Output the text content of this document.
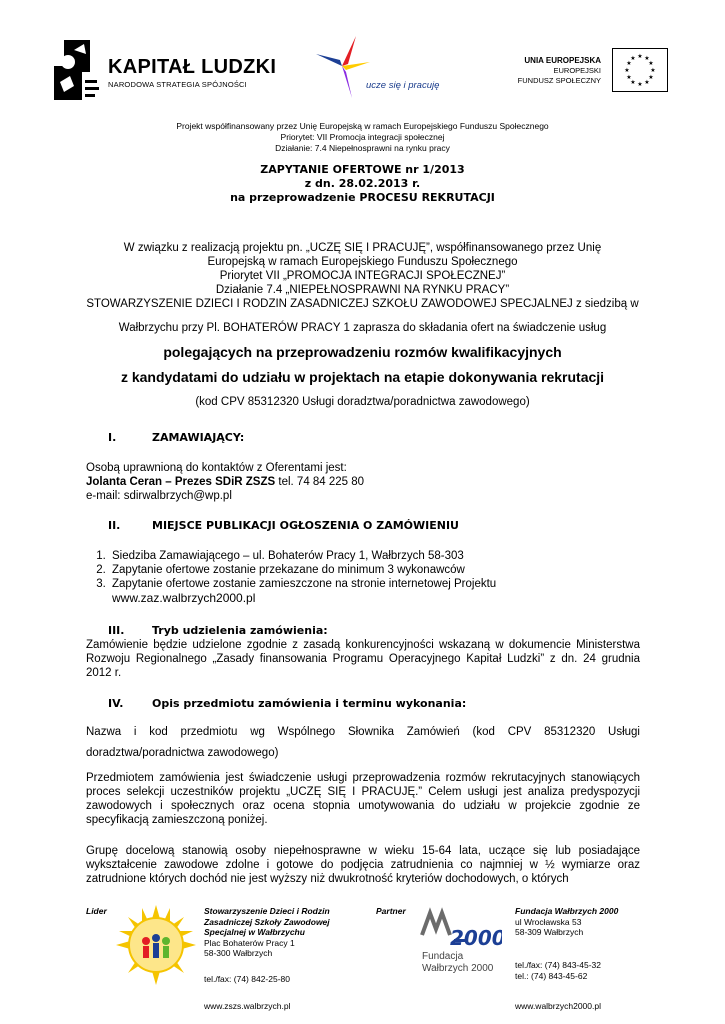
KAPITAŁ LUDZKI
NARODOWA STRATEGIA SPÓJNOŚCI	ucze się i pracuję
UNIA EUROPEJSKA
EUROPEJSKI
FUNDUSZ SPOŁECZNY
★ ★
★
★
★
★
★
★
★
★
★
★
Projekt współfinansowany przez Unię Europejską w ramach Europejskiego Funduszu Społecznego
Priorytet: VII Promocja integracji społecznej
Działanie: 7.4 Niepełnosprawni na rynku pracy
ZAPYTANIE OFERTOWE nr 1/2013
z dn. 28.02.2013 r.
na przeprowadzenie PROCESU REKRUTACJI
W związku z realizacją projektu pn. „UCZĘ SIĘ I PRACUJĘ”, współfinansowanego przez Unię
Europejską w ramach Europejskiego Funduszu Społecznego
Priorytet VII „PROMOCJA INTEGRACJI SPOŁECZNEJ”
Działanie 7.4 „NIEPEŁNOSPRAWNI NA RYNKU PRACY”
STOWARZYSZENIE DZIECI I RODZIN ZASADNICZEJ SZKOŁU ZAWODOWEJ SPECJALNEJ z siedzibą w
Wałbrzychu przy Pl. BOHATERÓW PRACY 1 zaprasza do składania ofert na świadczenie usług
polegających na przeprowadzeniu rozmów kwalifikacyjnych
z kandydatami do udziału w projektach na etapie dokonywania rekrutacji
(kod CPV 85312320 Usługi doradztwa/poradnictwa zawodowego)
I.	ZAMAWIAJĄCY:
Osobą uprawnioną do kontaktów z Oferentami jest:
Jolanta Ceran – Prezes SDiR ZSZS tel. 74 84 225 80
e-mail: sdirwalbrzych@wp.pl
II.	MIEJSCE PUBLIKACJI OGŁOSZENIA O ZAMÓWIENIU
1. Siedziba Zamawiającego – ul. Bohaterów Pracy 1, Wałbrzych 58-303
2. Zapytanie ofertowe zostanie przekazane do minimum 3 wykonawców
3. Zapytanie ofertowe zostanie zamieszczone na stronie internetowej Projektu
www.zaz.walbrzych2000.pl
III.	Tryb udzielenia zamówienia:
Zamówienie będzie udzielone zgodnie z zasadą konkurencyjności wskazaną w dokumencie Ministerstwa Rozwoju Regionalnego „Zasady finansowania Programu Operacyjnego Kapitał Ludzki” z dn. 24 grudnia 2012 r.
IV.	Opis przedmiotu zamówienia i terminu wykonania:
Nazwa i kod przedmiotu wg Wspólnego Słownika Zamówień (kod CPV 85312320 Usługi
doradztwa/poradnictwa zawodowego)
Przedmiotem zamówienia jest świadczenie usługi przeprowadzenia rozmów rekrutacyjnych stanowiących proces selekcji uczestników projektu „UCZĘ SIĘ I PRACUJĘ.” Celem usługi jest analiza predyspozycji zawodowych i społecznych oraz ocena stopnia umotywowania do udziału w projekcie zgodnie ze specyfikacją zamieszczoną poniżej.
Grupę docelową stanowią osoby niepełnosprawne w wieku 15-64 lata, uczące się lub posiadające wykształcenie zawodowe zdolne i gotowe do podjęcia zatrudnienia co najmniej w ½ wymiarze oraz zatrudnione których dochód nie jest wyższy niż dwukrotność kryteriów dochodowych, o których
Lider	Stowarzyszenie Dzieci i Rodzin
Zasadniczej Szkoły Zawodowej
Specjalnej w Wałbrzychu
Plac Bohaterów Pracy 1
58-300 Wałbrzych
tel./fax: (74) 842-25-80
www.zszs.walbrzych.pl
Partner
2000
Fundacja
Wałbrzych 2000
Fundacja Wałbrzych 2000
ul Wrocławska 53
58-309 Wałbrzych
tel./fax: (74) 843-45-32
tel.: (74) 843-45-62
www.walbrzych2000.pl
